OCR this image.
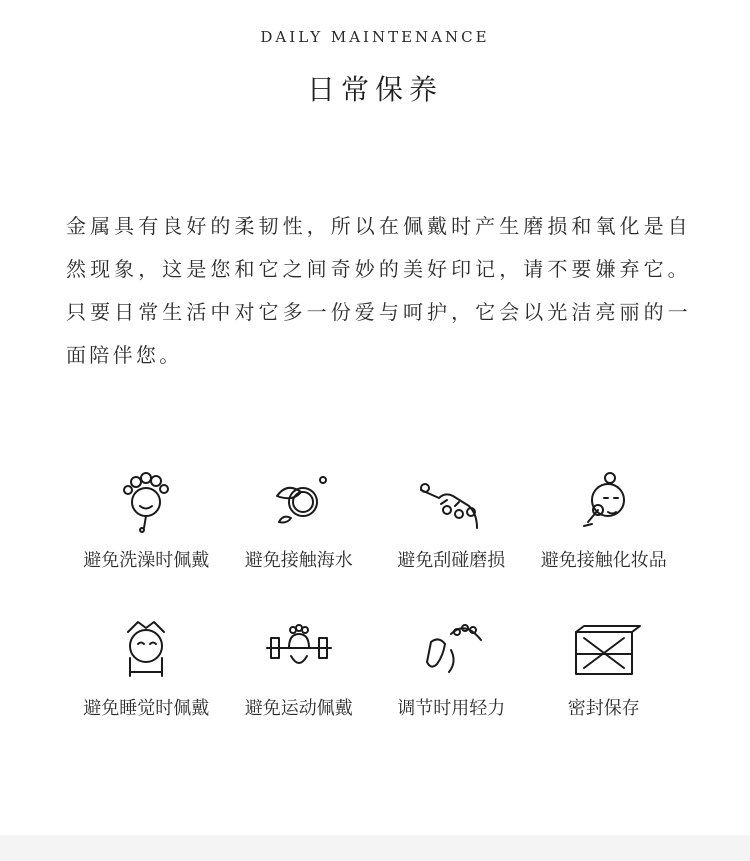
DAILY MAINTENANCE
日常保养

金属具有良好的柔韧性，所以在佩戴时产生磨损和氧化是自然现象，这是您和它之间奇妙的美好印记，请不要嫌弃它。只要日常生活中对它多一份爱与呵护，它会以光洁亮丽的一面陪伴您。

避免洗澡时佩戴 避免接触海水 避免刮碰磨损 避免接触化妆品
避免睡觉时佩戴 避免运动佩戴 调节时用轻力	密封保存
